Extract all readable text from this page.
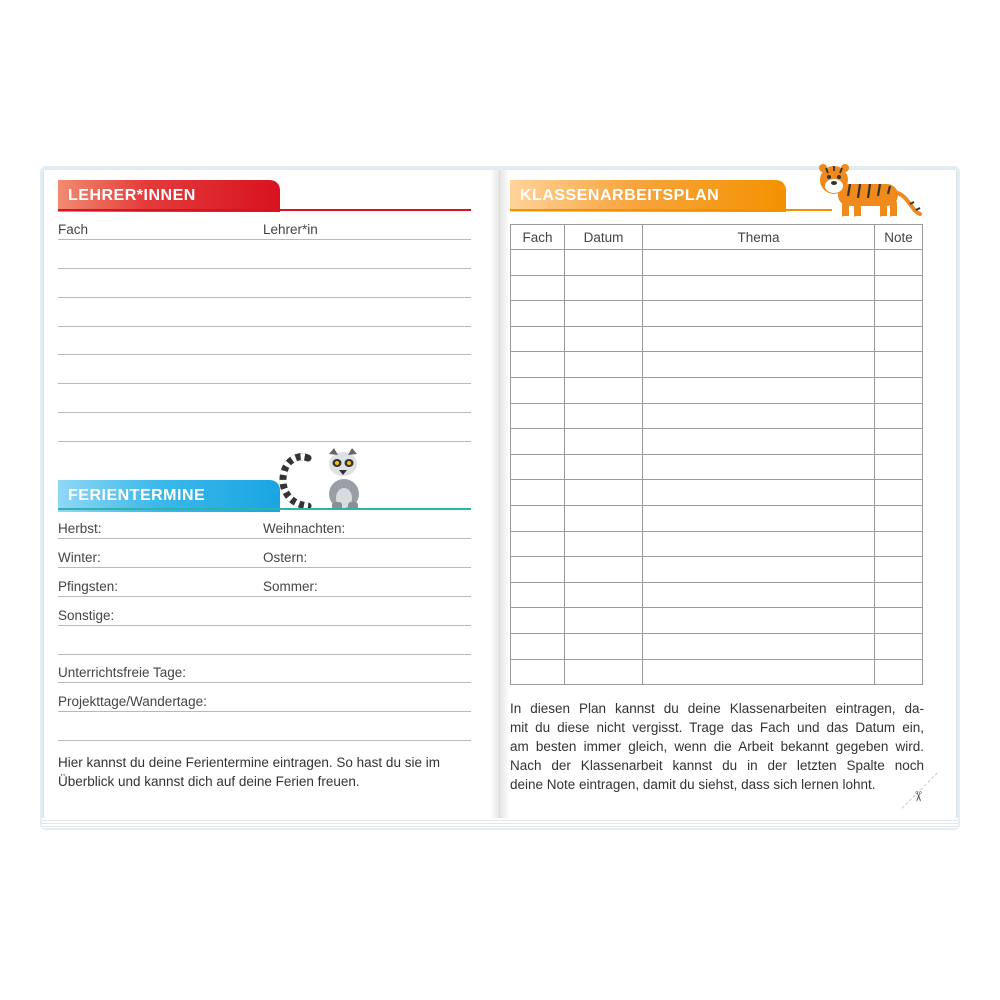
LEHRER*INNEN
Fach	Lehrer*in
FERIENTERMINE
Herbst:	Weihnachten:
Winter:	Ostern:
Pfingsten:	Sommer:
Sonstige:
Unterrichtsfreie Tage:
Projekttage/Wandertage:
Hier kannst du deine Ferientermine eintragen. So hast du sie im
Überblick und kannst dich auf deine Ferien freuen.
KLASSENARBEITSPLAN
Fach	Datum	Thema	Note

In diesen Plan kannst du deine Klassenarbeiten eintragen, da-
mit du diese nicht vergisst. Trage das Fach und das Datum ein,
am besten immer gleich, wenn die Arbeit bekannt gegeben wird.
Nach der Klassenarbeit kannst du in der letzten Spalte noch
deine Note eintragen, damit du siehst, dass sich lernen lohnt.
✂
